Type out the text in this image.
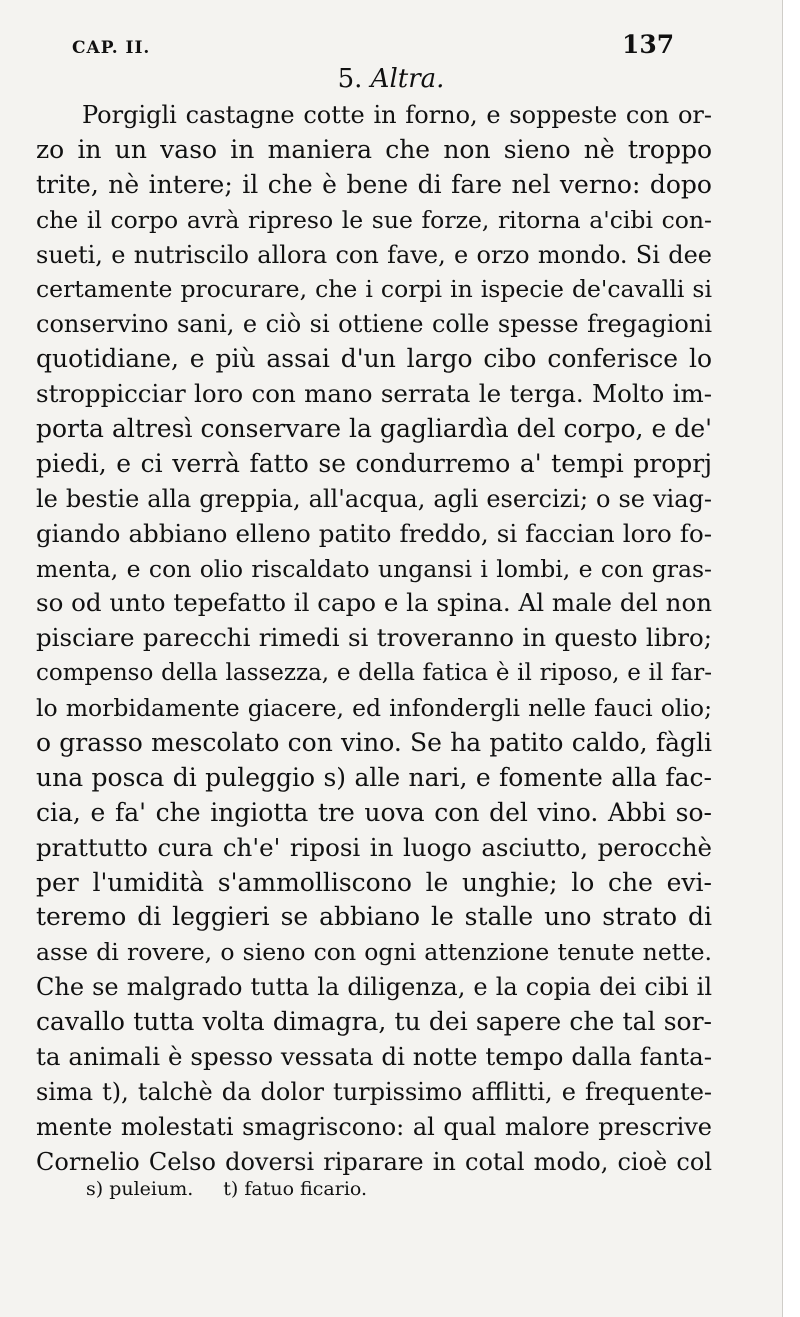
CAP. II.	137
5. Altra.
Porgigli castagne cotte in forno, e soppeste con or-
zo in un vaso in maniera che non sieno nè troppo
trite, nè intere; il che è bene di fare nel verno: dopo
che il corpo avrà ripreso le sue forze, ritorna a'cibi con-
sueti, e nutriscilo allora con fave, e orzo mondo. Si dee
certamente procurare, che i corpi in ispecie de'cavalli si
conservino sani, e ciò si ottiene colle spesse fregagioni
quotidiane, e più assai d'un largo cibo conferisce lo
stroppicciar loro con mano serrata le terga. Molto im-
porta altresì conservare la gagliardìa del corpo, e de'
piedi, e ci verrà fatto se condurremo a' tempi proprj
le bestie alla greppia, all'acqua, agli esercizi; o se viag-
giando abbiano elleno patito freddo, si faccian loro fo-
menta, e con olio riscaldato ungansi i lombi, e con gras-
so od unto tepefatto il capo e la spina. Al male del non
pisciare parecchi rimedi si troveranno in questo libro;
compenso della lassezza, e della fatica è il riposo, e il far-
lo morbidamente giacere, ed infondergli nelle fauci olio;
o grasso mescolato con vino. Se ha patito caldo, fàgli
una posca di puleggio s) alle nari, e fomente alla fac-
cia, e fa' che ingiotta tre uova con del vino. Abbi so-
prattutto cura ch'e' riposi in luogo asciutto, perocchè
per l'umidità s'ammolliscono le unghie; lo che evi-
teremo di leggieri se abbiano le stalle uno strato di
asse di rovere, o sieno con ogni attenzione tenute nette.
Che se malgrado tutta la diligenza, e la copia dei cibi il
cavallo tutta volta dimagra, tu dei sapere che tal sor-
ta animali è spesso vessata di notte tempo dalla fanta-
sima t), talchè da dolor turpissimo afflitti, e frequente-
mente molestati smagriscono: al qual malore prescrive
Cornelio Celso doversi riparare in cotal modo, cioè col
s) puleium. t) fatuo ficario.
